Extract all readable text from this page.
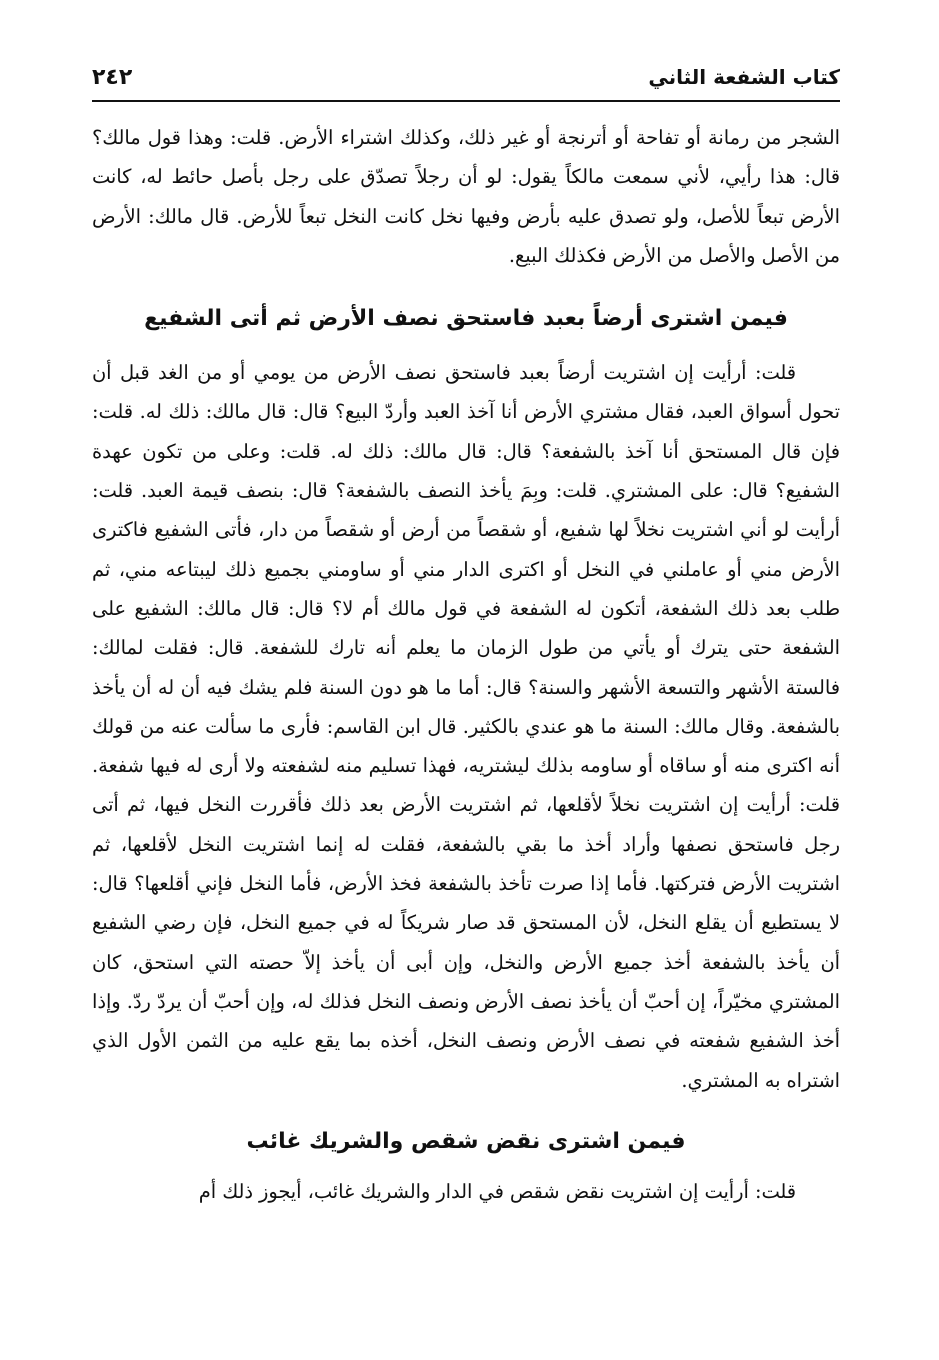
كتاب الشفعة الثاني
٢٤٢

الشجر من رمانة أو تفاحة أو أترنجة أو غير ذلك، وكذلك اشتراء الأرض. قلت: وهذا قول مالك؟ قال: هذا رأيي، لأني سمعت مالكاً يقول: لو أن رجلاً تصدّق على رجل بأصل حائط له، كانت الأرض تبعاً للأصل، ولو تصدق عليه بأرض وفيها نخل كانت النخل تبعاً للأرض. قال مالك: الأرض من الأصل والأصل من الأرض فكذلك البيع.

فيمن اشترى أرضاً بعبد فاستحق نصف الأرض ثم أتى الشفيع

قلت: أرأيت إن اشتريت أرضاً بعبد فاستحق نصف الأرض من يومي أو من الغد قبل أن تحول أسواق العبد، فقال مشتري الأرض أنا آخذ العبد وأردّ البيع؟ قال: قال مالك: ذلك له. قلت: فإن قال المستحق أنا آخذ بالشفعة؟ قال: قال مالك: ذلك له. قلت: وعلى من تكون عهدة الشفيع؟ قال: على المشتري. قلت: وبِمَ يأخذ النصف بالشفعة؟ قال: بنصف قيمة العبد. قلت: أرأيت لو أني اشتريت نخلاً لها شفيع، أو شقصاً من أرض أو شقصاً من دار، فأتى الشفيع فاكترى الأرض مني أو عاملني في النخل أو اكترى الدار مني أو ساومني بجميع ذلك ليبتاعه مني، ثم طلب بعد ذلك الشفعة، أتكون له الشفعة في قول مالك أم لا؟ قال: قال مالك: الشفيع على الشفعة حتى يترك أو يأتي من طول الزمان ما يعلم أنه تارك للشفعة. قال: فقلت لمالك: فالستة الأشهر والتسعة الأشهر والسنة؟ قال: أما ما هو دون السنة فلم يشك فيه أن له أن يأخذ بالشفعة. وقال مالك: السنة ما هو عندي بالكثير. قال ابن القاسم: فأرى ما سألت عنه من قولك أنه اكترى منه أو ساقاه أو ساومه بذلك ليشتريه، فهذا تسليم منه لشفعته ولا أرى له فيها شفعة. قلت: أرأيت إن اشتريت نخلاً لأقلعها، ثم اشتريت الأرض بعد ذلك فأقررت النخل فيها، ثم أتى رجل فاستحق نصفها وأراد أخذ ما بقي بالشفعة، فقلت له إنما اشتريت النخل لأقلعها، ثم اشتريت الأرض فتركتها. فأما إذا صرت تأخذ بالشفعة فخذ الأرض، فأما النخل فإني أقلعها؟ قال: لا يستطيع أن يقلع النخل، لأن المستحق قد صار شريكاً له في جميع النخل، فإن رضي الشفيع أن يأخذ بالشفعة أخذ جميع الأرض والنخل، وإن أبى أن يأخذ إلاّ حصته التي استحق، كان المشتري مخيّراً، إن أحبّ أن يأخذ نصف الأرض ونصف النخل فذلك له، وإن أحبّ أن يردّ ردّ. وإذا أخذ الشفيع شفعته في نصف الأرض ونصف النخل، أخذه بما يقع عليه من الثمن الأول الذي اشتراه به المشتري.

فيمن اشترى نقض شقص والشريك غائب

قلت: أرأيت إن اشتريت نقض شقص في الدار والشريك غائب، أيجوز ذلك أم
